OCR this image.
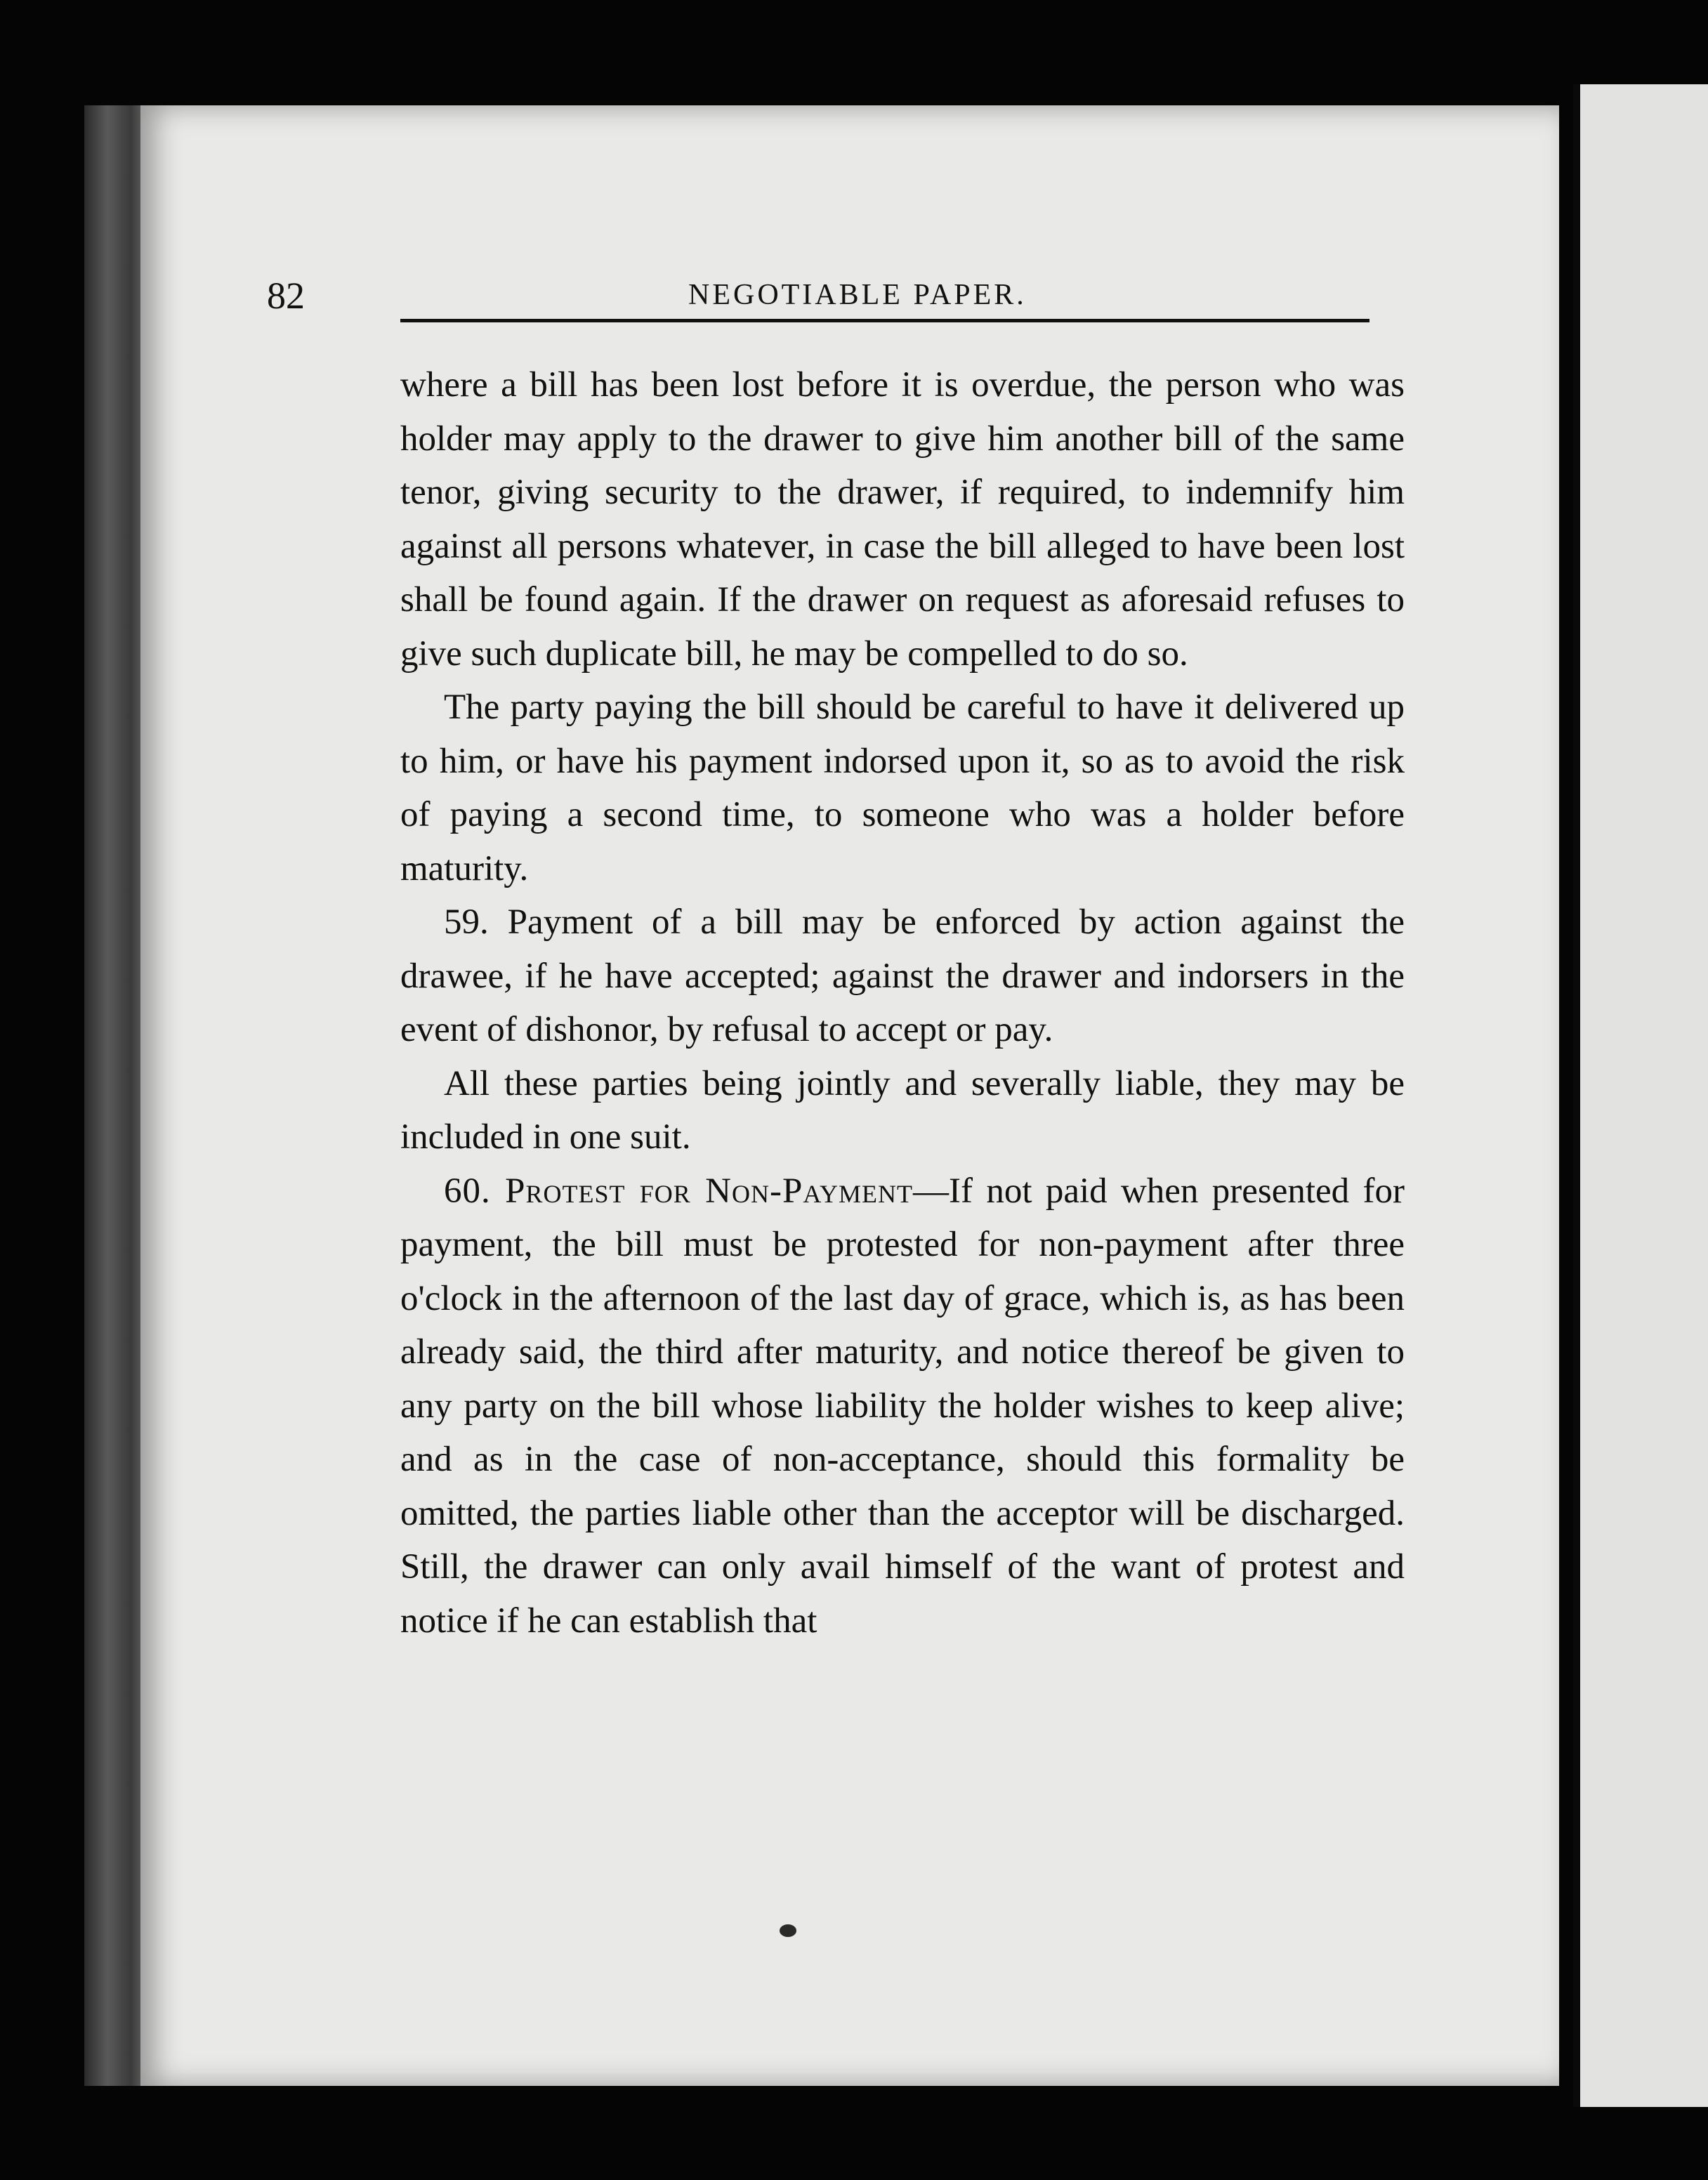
82	NEGOTIABLE PAPER.

where a bill has been lost before it is overdue, the person who was holder may apply to the drawer to give him another bill of the same tenor, giving security to the drawer, if required, to indemnify him against all persons whatever, in case the bill alleged to have been lost shall be found again. If the drawer on request as aforesaid refuses to give such duplicate bill, he may be compelled to do so.

The party paying the bill should be careful to have it delivered up to him, or have his payment indorsed upon it, so as to avoid the risk of paying a second time, to someone who was a holder before maturity.

59. Payment of a bill may be enforced by action against the drawee, if he have accepted; against the drawer and indorsers in the event of dishonor, by refusal to accept or pay.

All these parties being jointly and severally liable, they may be included in one suit.

60. Protest for Non-Payment—If not paid when presented for payment, the bill must be protested for non-payment after three o'clock in the afternoon of the last day of grace, which is, as has been already said, the third after maturity, and notice thereof be given to any party on the bill whose liability the holder wishes to keep alive; and as in the case of non-acceptance, should this formality be omitted, the parties liable other than the acceptor will be discharged. Still, the drawer can only avail himself of the want of protest and notice if he can establish that
